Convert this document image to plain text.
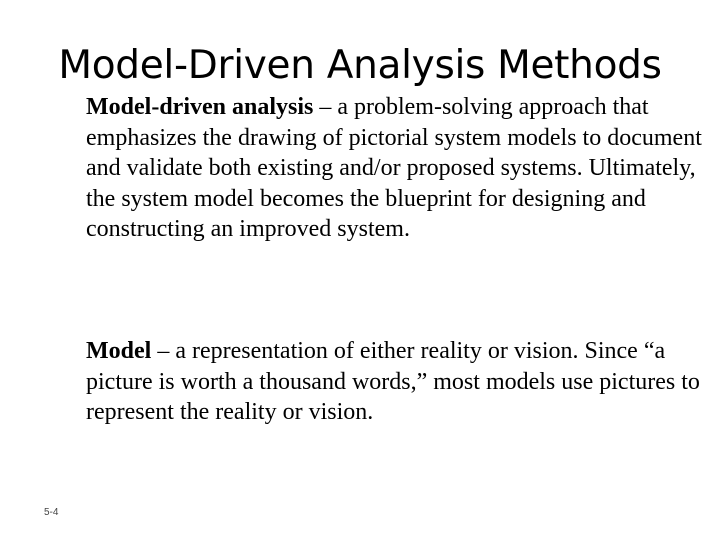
Model-Driven Analysis Methods

Model-driven analysis – a problem-solving approach that emphasizes the drawing of pictorial system models to document and validate both existing and/or proposed systems. Ultimately, the system model becomes the blueprint for designing and constructing an improved system.

Model – a representation of either reality or vision. Since “a picture is worth a thousand words,” most models use pictures to represent the reality or vision.

5-4
